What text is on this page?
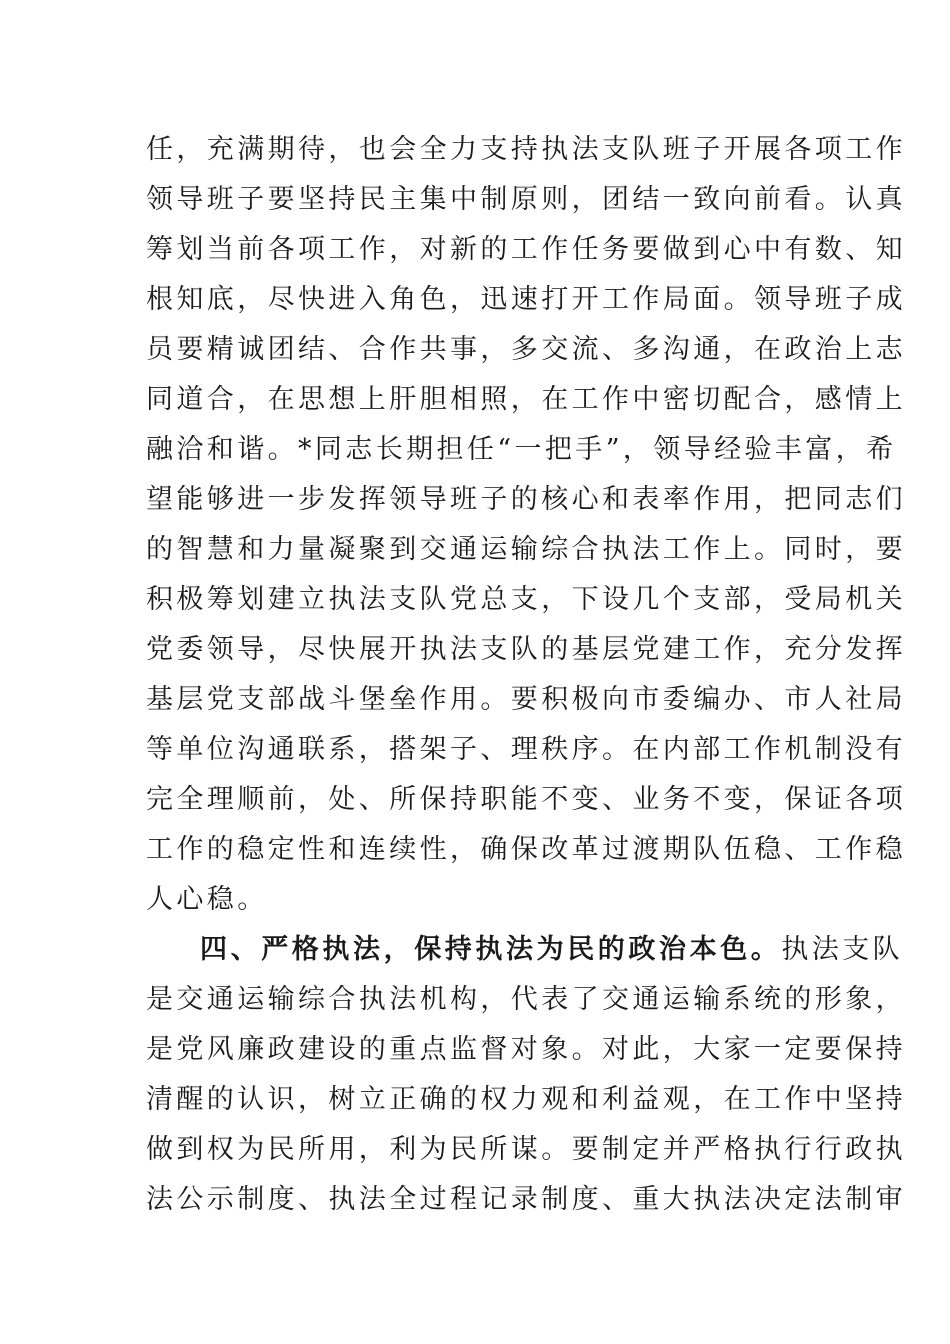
任，充满期待，也会全力支持执法支队班子开展各项工作
领导班子要坚持民主集中制原则，团结一致向前看。认真
筹划当前各项工作，对新的工作任务要做到心中有数、知
根知底，尽快进入角色，迅速打开工作局面。领导班子成
员要精诚团结、合作共事，多交流、多沟通，在政治上志
同道合，在思想上肝胆相照，在工作中密切配合，感情上
融洽和谐。*同志长期担任“一把手”，领导经验丰富，希
望能够进一步发挥领导班子的核心和表率作用，把同志们
的智慧和力量凝聚到交通运输综合执法工作上。同时，要
积极筹划建立执法支队党总支，下设几个支部，受局机关
党委领导，尽快展开执法支队的基层党建工作，充分发挥
基层党支部战斗堡垒作用。要积极向市委编办、市人社局
等单位沟通联系，搭架子、理秩序。在内部工作机制没有
完全理顺前，处、所保持职能不变、业务不变，保证各项
工作的稳定性和连续性，确保改革过渡期队伍稳、工作稳
人心稳。
四、严格执法，保持执法为民的政治本色。执法支队
是交通运输综合执法机构，代表了交通运输系统的形象，
是党风廉政建设的重点监督对象。对此，大家一定要保持
清醒的认识，树立正确的权力观和利益观，在工作中坚持
做到权为民所用，利为民所谋。要制定并严格执行行政执
法公示制度、执法全过程记录制度、重大执法决定法制审
